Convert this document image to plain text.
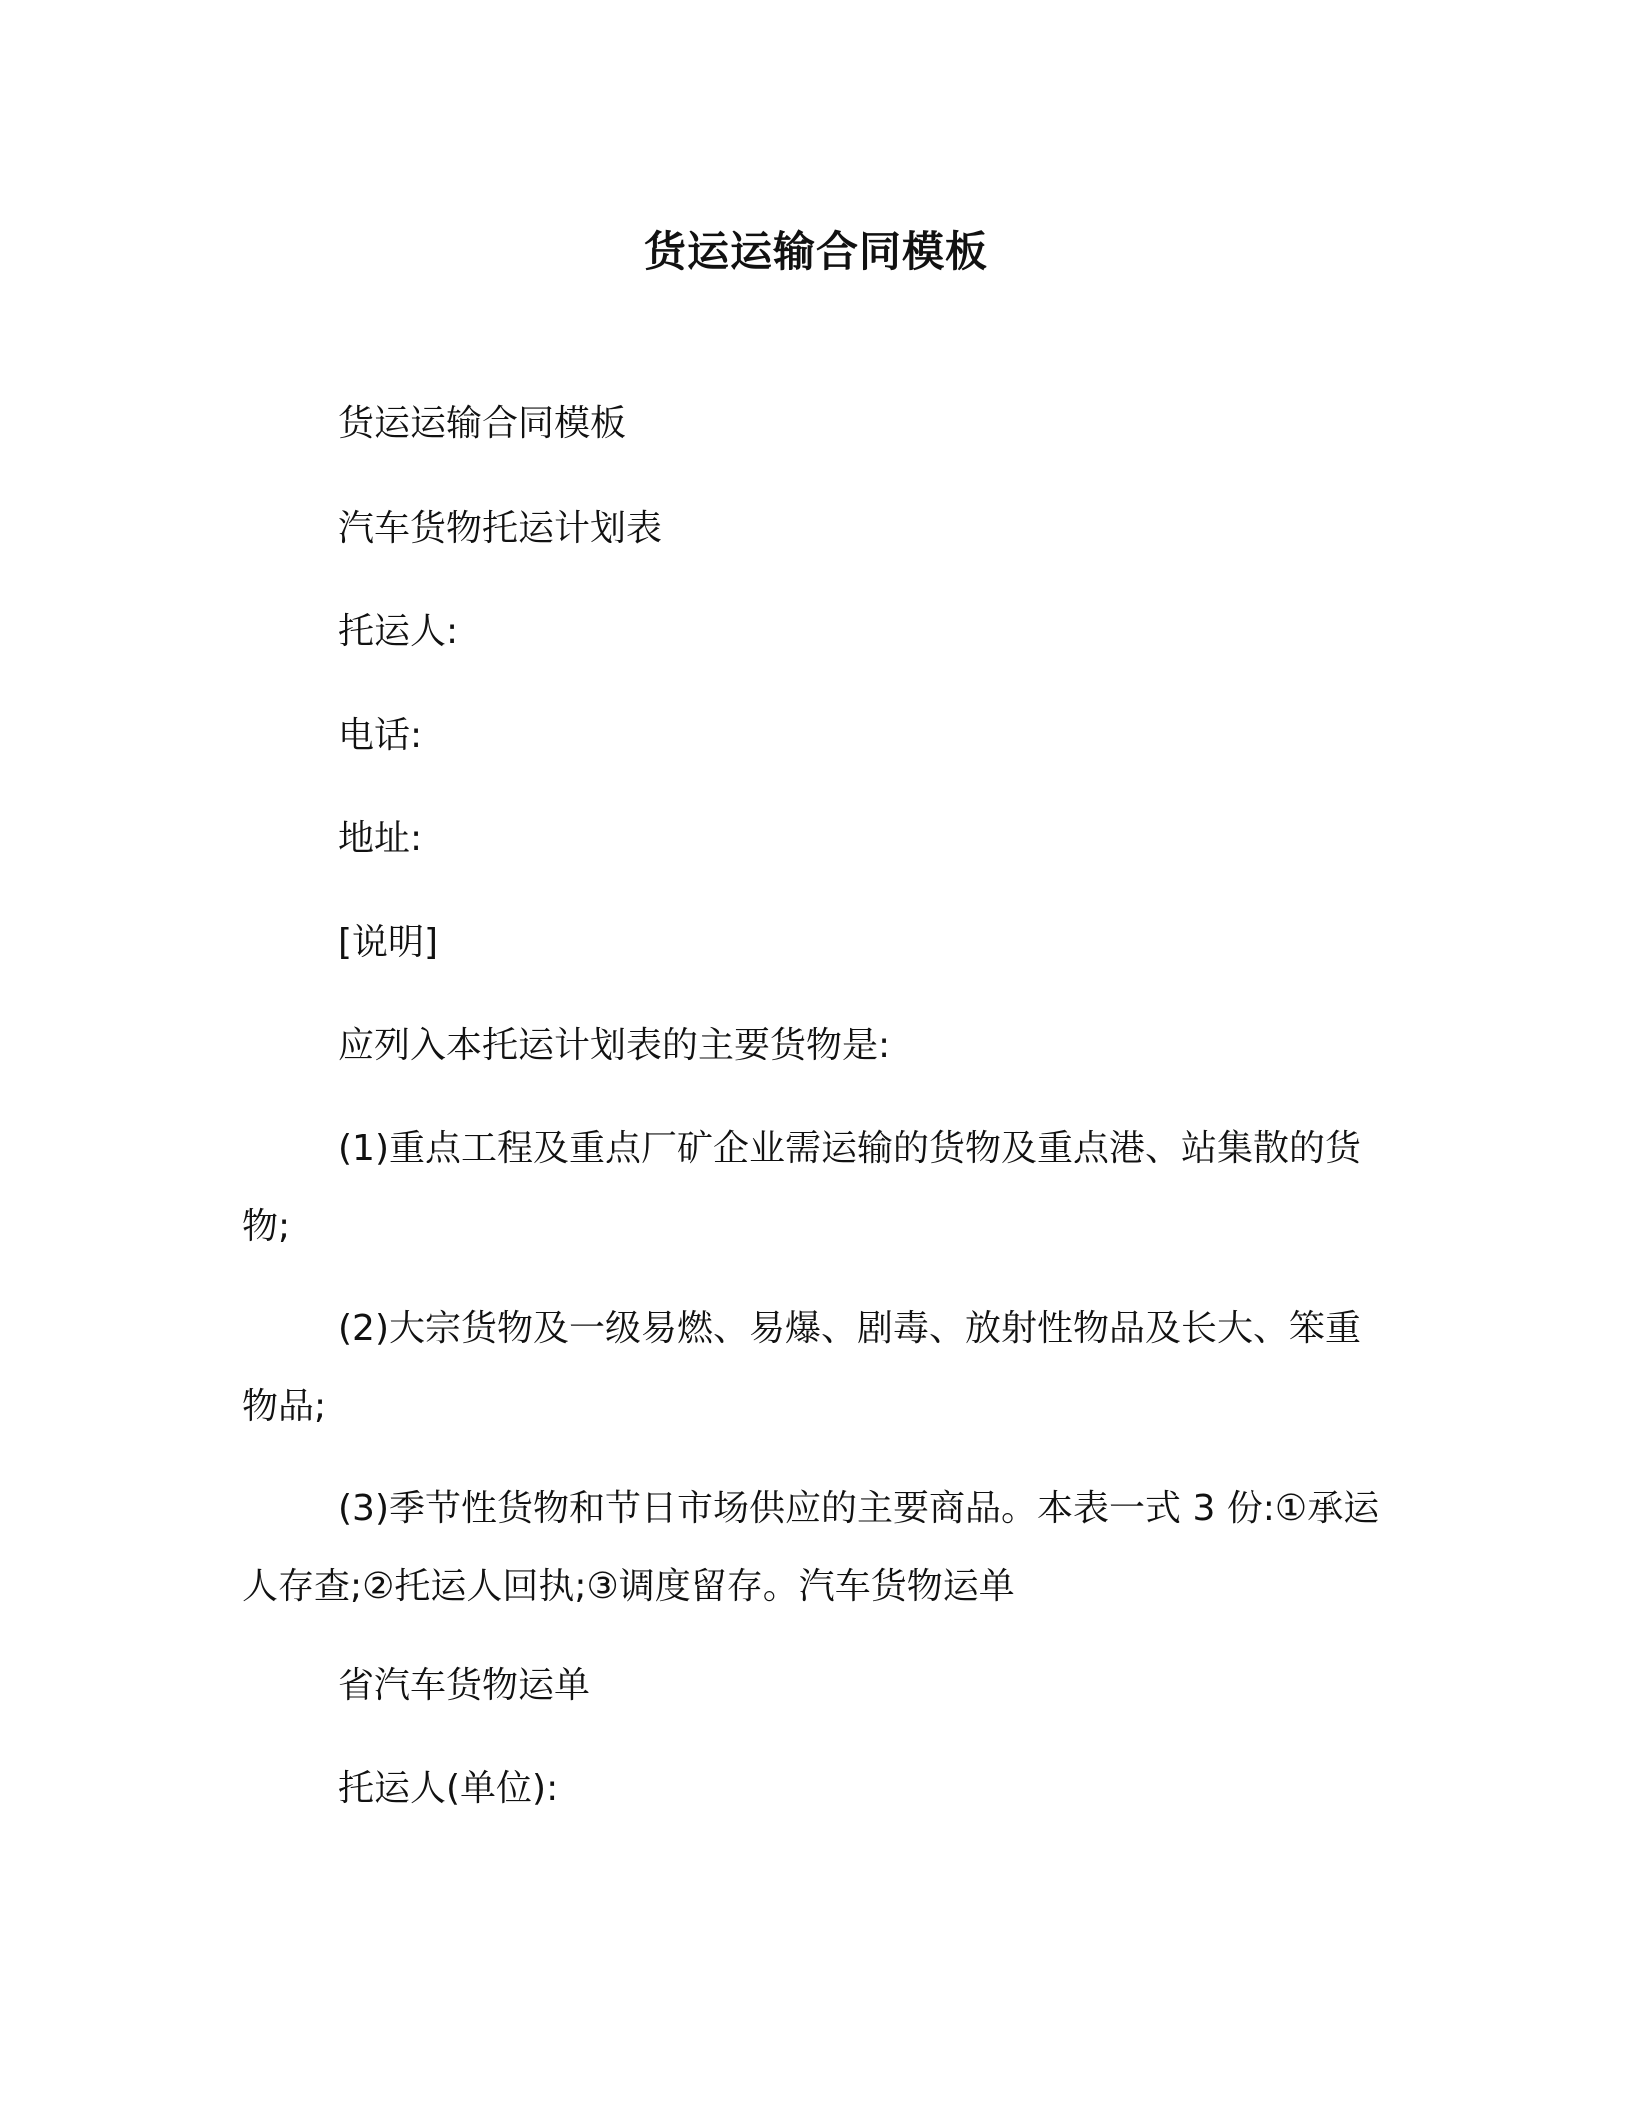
货运运输合同模板

货运运输合同模板

汽车货物托运计划表

托运人:

电话:

地址:

[说明]

应列入本托运计划表的主要货物是:

(1)重点工程及重点厂矿企业需运输的货物及重点港、站集散的货物;

(2)大宗货物及一级易燃、易爆、剧毒、放射性物品及长大、笨重物品;

(3)季节性货物和节日市场供应的主要商品。本表一式 3 份:①承运人存查;②托运人回执;③调度留存。汽车货物运单

省汽车货物运单

托运人(单位):
